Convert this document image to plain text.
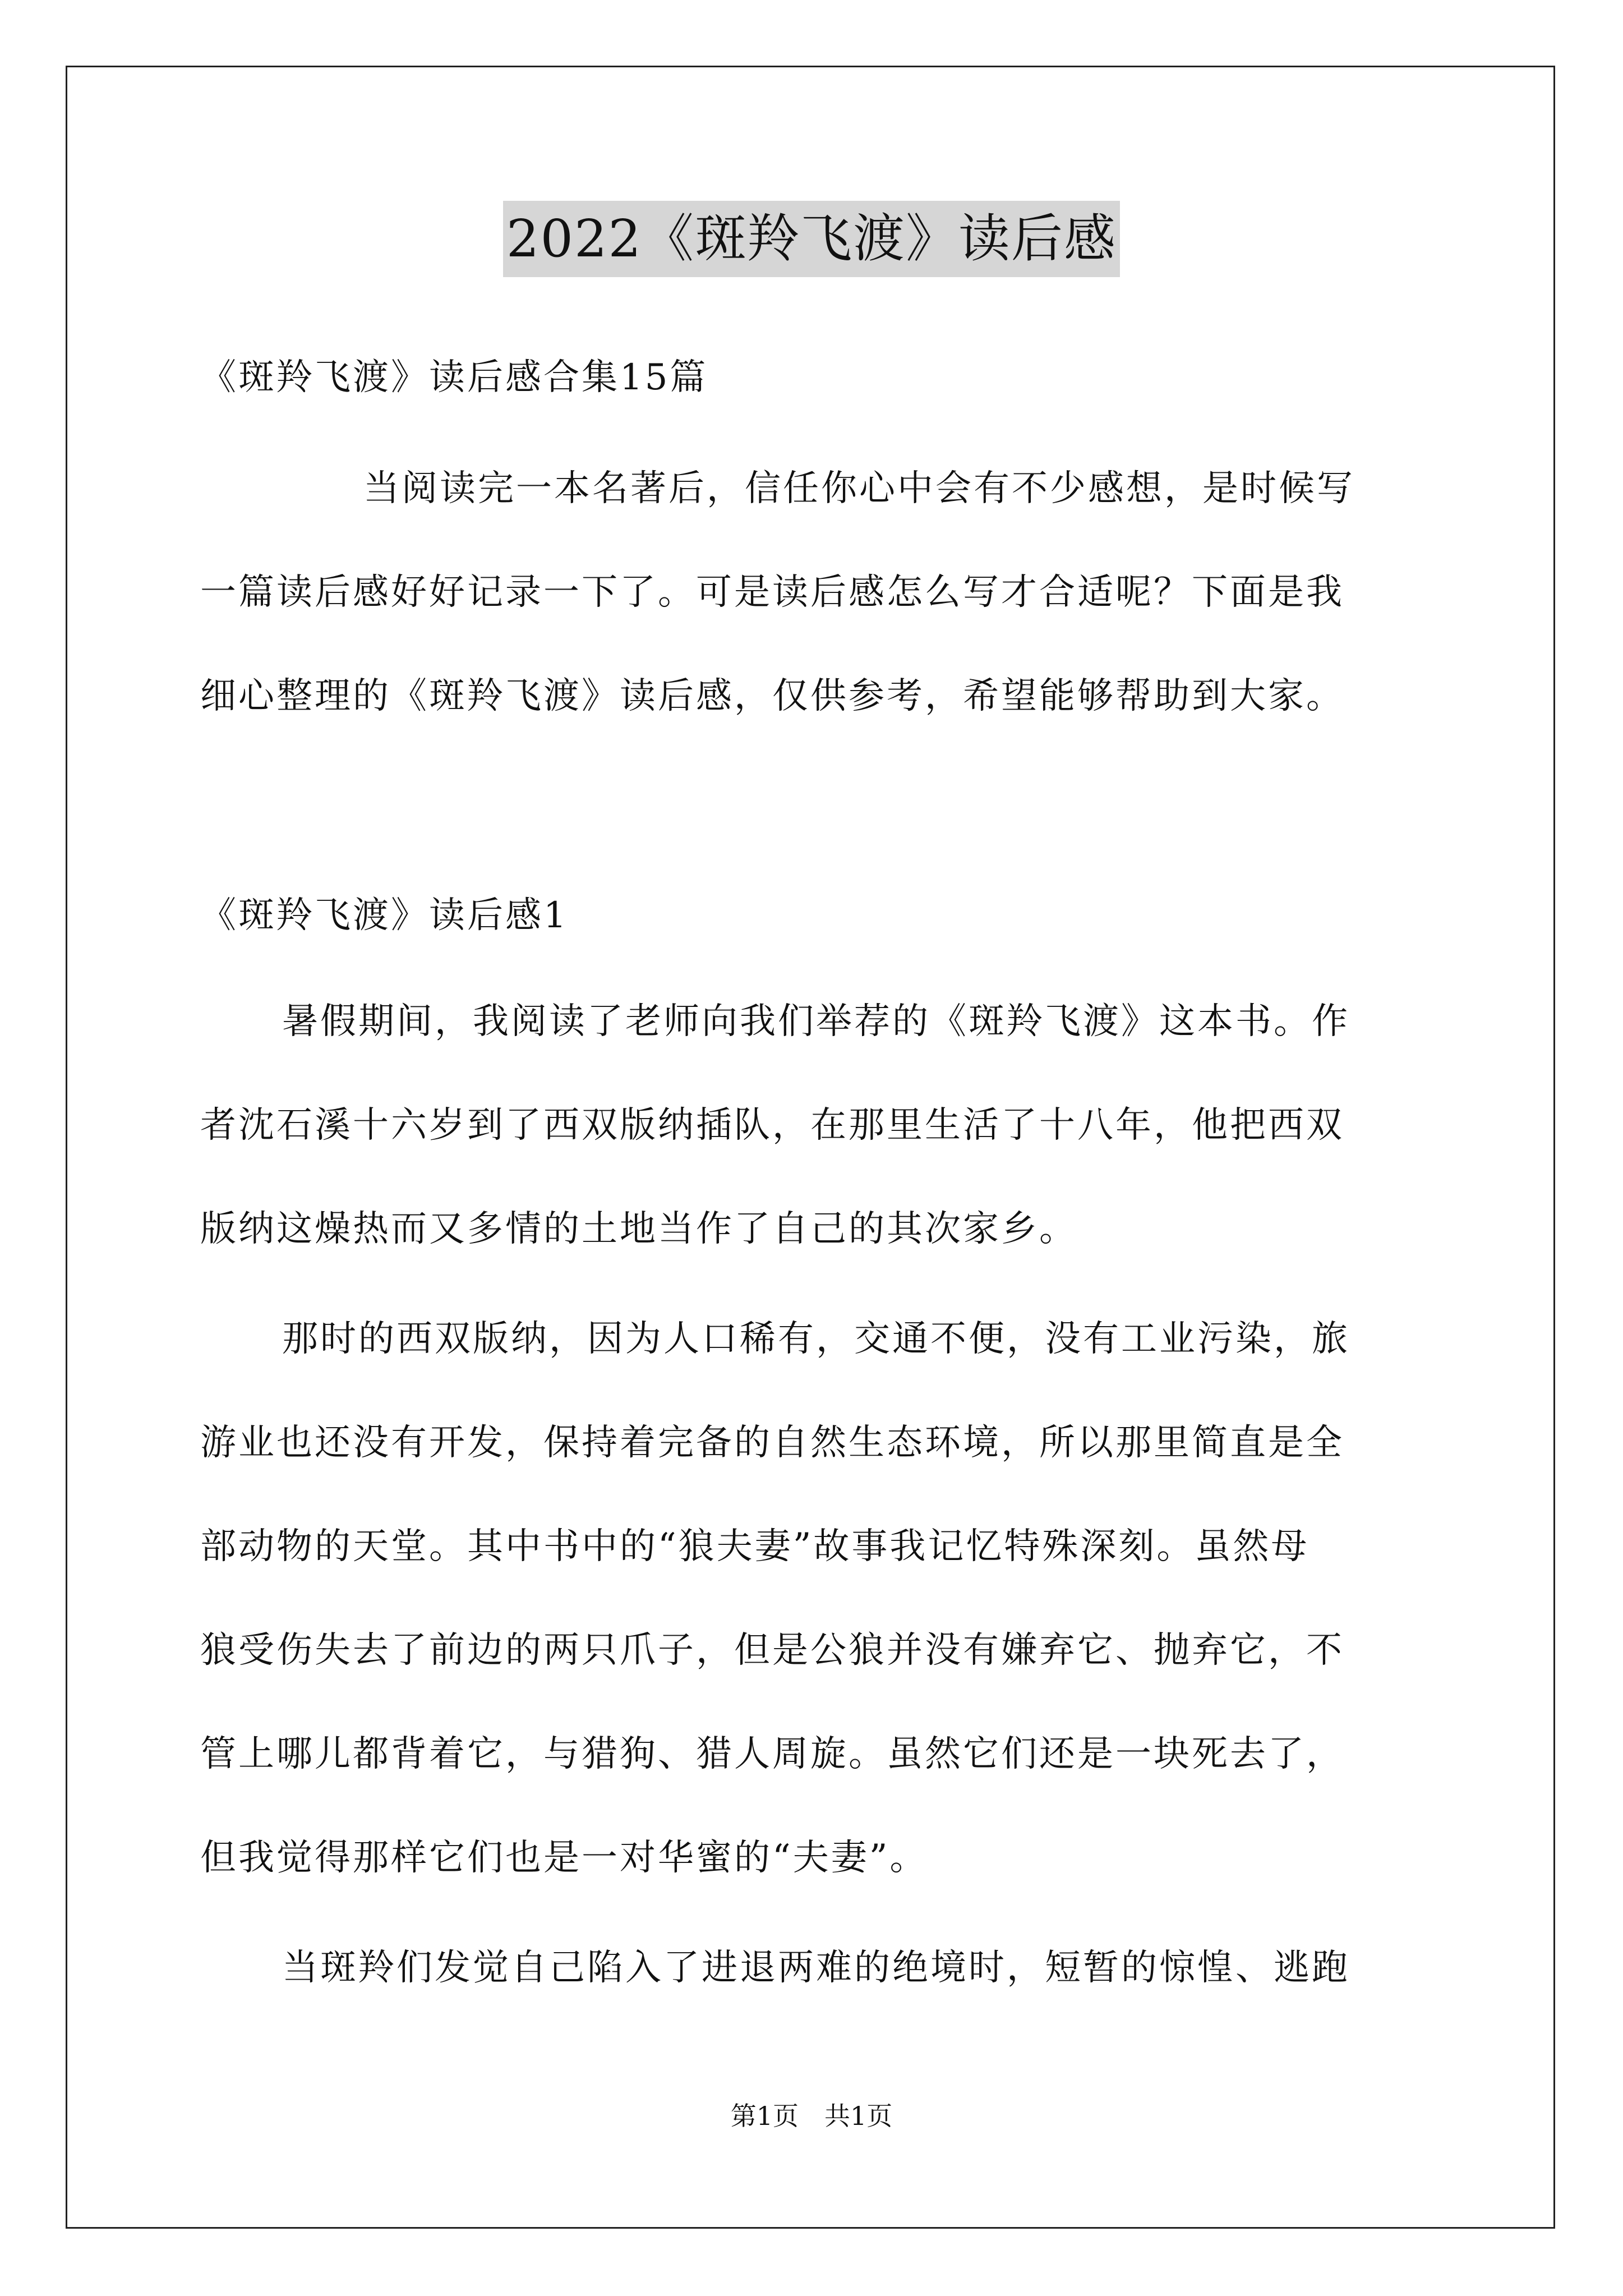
2022《斑羚飞渡》读后感
《斑羚飞渡》读后感合集15篇
当阅读完一本名著后，信任你心中会有不少感想，是时候写
一篇读后感好好记录一下了。可是读后感怎么写才合适呢？下面是我
细心整理的《斑羚飞渡》读后感，仅供参考，希望能够帮助到大家。
《斑羚飞渡》读后感1
暑假期间，我阅读了老师向我们举荐的《斑羚飞渡》这本书。作
者沈石溪十六岁到了西双版纳插队，在那里生活了十八年，他把西双
版纳这燥热而又多情的土地当作了自己的其次家乡。
那时的西双版纳，因为人口稀有，交通不便，没有工业污染，旅
游业也还没有开发，保持着完备的自然生态环境，所以那里简直是全
部动物的天堂。其中书中的“狼夫妻”故事我记忆特殊深刻。虽然母
狼受伤失去了前边的两只爪子，但是公狼并没有嫌弃它、抛弃它，不
管上哪儿都背着它，与猎狗、猎人周旋。虽然它们还是一块死去了，
但我觉得那样它们也是一对华蜜的“夫妻”。
当斑羚们发觉自己陷入了进退两难的绝境时，短暂的惊惶、逃跑
第1页　共1页
